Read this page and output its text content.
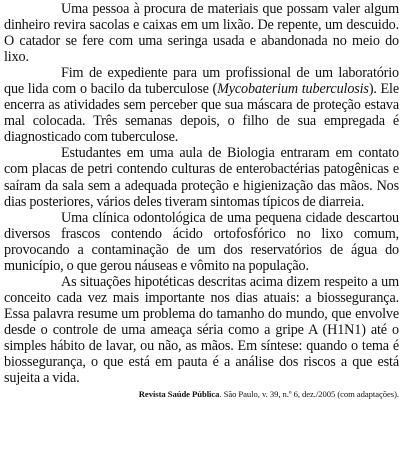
Uma pessoa à procura de materiais que possam valer algum dinheiro revira sacolas e caixas em um lixão. De repente, um descuido. O catador se fere com uma seringa usada e abandonada no meio do lixo.

Fim de expediente para um profissional de um laboratório que lida com o bacilo da tuberculose (Mycobaterium tuberculosis). Ele encerra as atividades sem perceber que sua máscara de proteção estava mal colocada. Três semanas depois, o filho de sua empregada é diagnosticado com tuberculose.

Estudantes em uma aula de Biologia entraram em contato com placas de petri contendo culturas de enterobactérias patogênicas e saíram da sala sem a adequada proteção e higienização das mãos. Nos dias posteriores, vários deles tiveram sintomas típicos de diarreia.

Uma clínica odontológica de uma pequena cidade descartou diversos frascos contendo ácido ortofosfórico no lixo comum, provocando a contaminação de um dos reservatórios de água do município, o que gerou náuseas e vômito na população.

As situações hipotéticas descritas acima dizem respeito a um conceito cada vez mais importante nos dias atuais: a biossegurança. Essa palavra resume um problema do tamanho do mundo, que envolve desde o controle de uma ameaça séria como a gripe A (H1N1) até o simples hábito de lavar, ou não, as mãos. Em síntese: quando o tema é biossegurança, o que está em pauta é a análise dos riscos a que está sujeita a vida.

Revista Saúde Pública. São Paulo, v. 39, n.º 6, dez./2005 (com adaptações).
